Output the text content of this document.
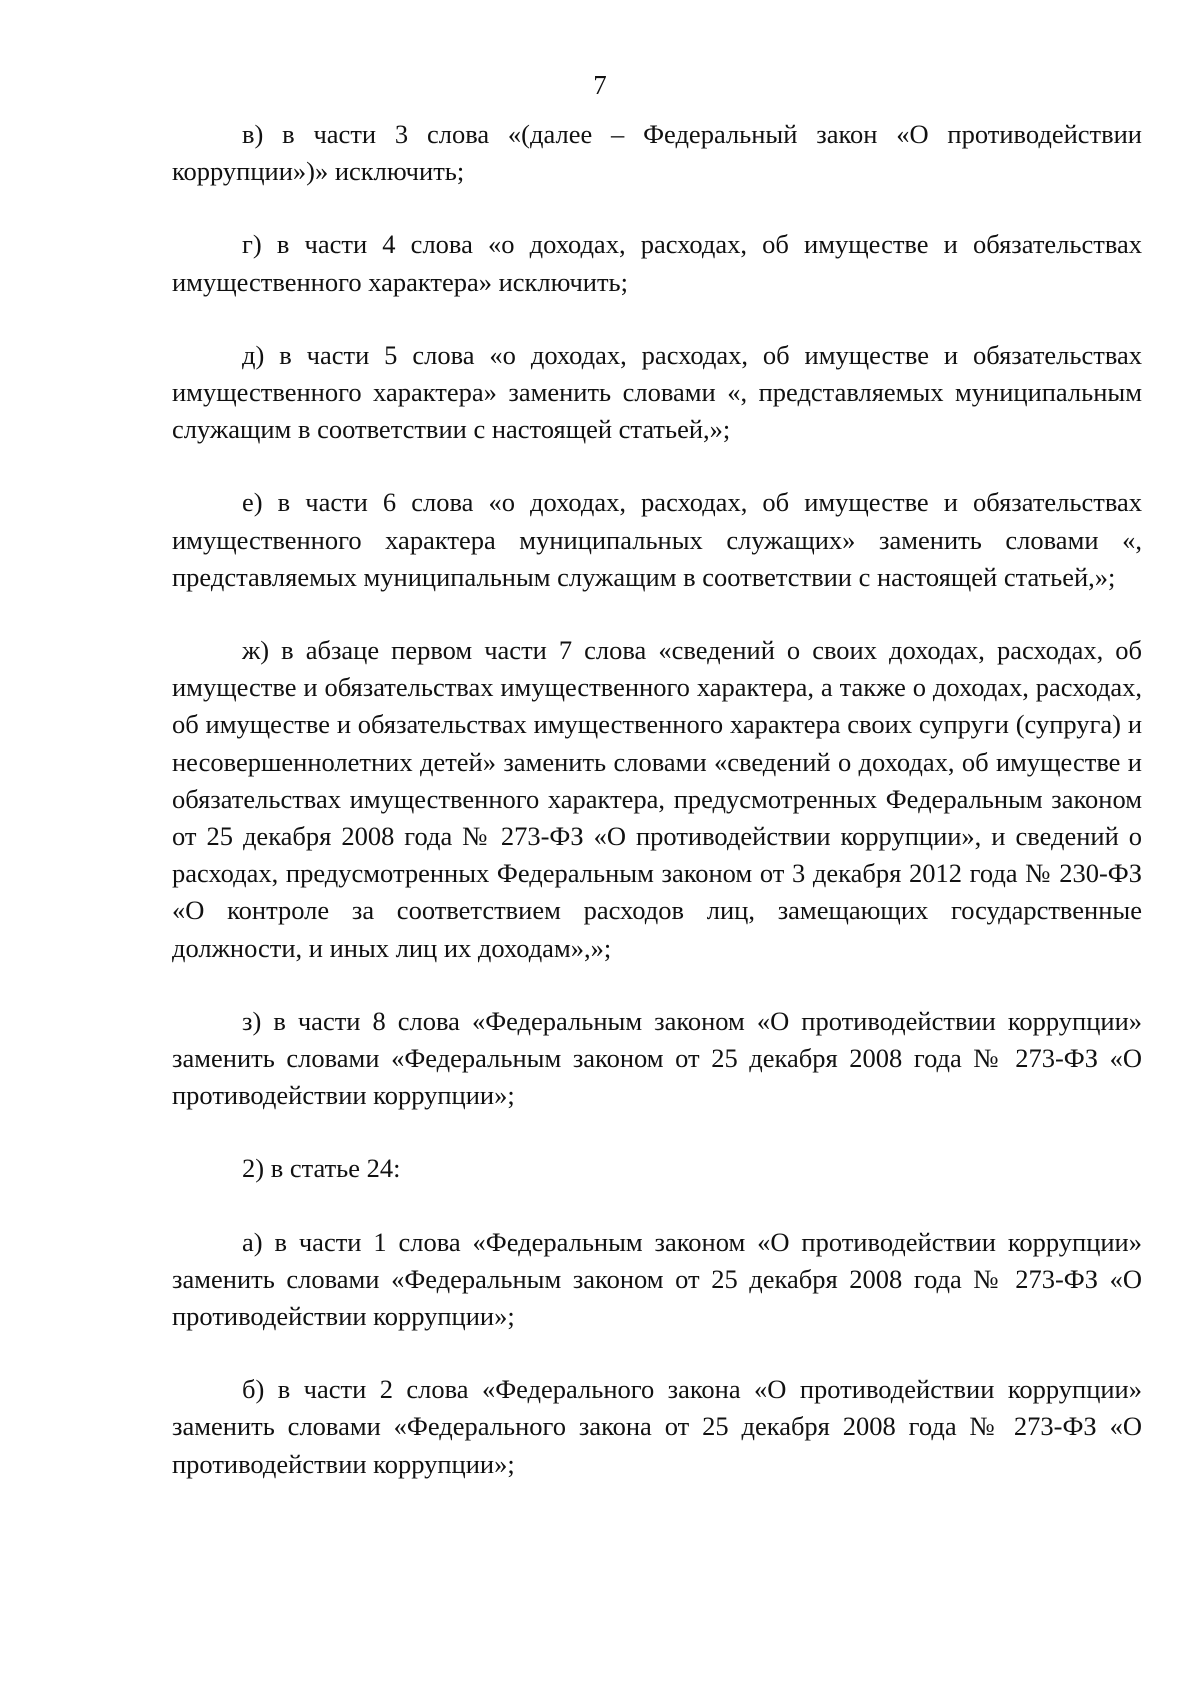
7

в) в части 3 слова «(далее – Федеральный закон «О противодействии коррупции»)» исключить;

г) в части 4 слова «о доходах, расходах, об имуществе и обязательствах имущественного характера» исключить;

д) в части 5 слова «о доходах, расходах, об имуществе и обязательствах имущественного характера» заменить словами «, представляемых муниципальным служащим в соответствии с настоящей статьей,»;

е) в части 6 слова «о доходах, расходах, об имуществе и обязательствах имущественного характера муниципальных служащих» заменить словами «, представляемых муниципальным служащим в соответствии с настоящей статьей,»;

ж) в абзаце первом части 7 слова «сведений о своих доходах, расходах, об имуществе и обязательствах имущественного характера, а также о доходах, расходах, об имуществе и обязательствах имущественного характера своих супруги (супруга) и несовершеннолетних детей» заменить словами «сведений о доходах, об имуществе и обязательствах имущественного характера, предусмотренных Федеральным законом от 25 декабря 2008 года № 273-ФЗ «О противодействии коррупции», и сведений о расходах, предусмотренных Федеральным законом от 3 декабря 2012 года № 230-ФЗ «О контроле за соответствием расходов лиц, замещающих государственные должности, и иных лиц их доходам»,»;

з) в части 8 слова «Федеральным законом «О противодействии коррупции» заменить словами «Федеральным законом от 25 декабря 2008 года № 273-ФЗ «О противодействии коррупции»;

2) в статье 24:

а) в части 1 слова «Федеральным законом «О противодействии коррупции» заменить словами «Федеральным законом от 25 декабря 2008 года № 273-ФЗ «О противодействии коррупции»;

б) в части 2 слова «Федерального закона «О противодействии коррупции» заменить словами «Федерального закона от 25 декабря 2008 года № 273-ФЗ «О противодействии коррупции»;
